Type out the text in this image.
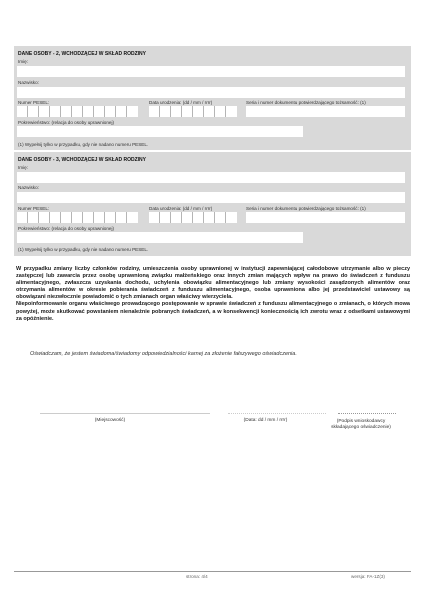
DANE OSOBY - 2, WCHODZĄCEJ W SKŁAD RODZINY
Imię:
Nazwisko:
Numer PESEL:	Data urodzenia: (dd / mm / rrrr)	Seria i numer dokumentu potwierdzającego tożsamość: (1)
Pokrewieństwo: (relacja do osoby uprawnionej)
(1) Wypełnij tylko w przypadku, gdy nie nadano numeru PESEL.
DANE OSOBY - 3, WCHODZĄCEJ W SKŁAD RODZINY
Imię:
Nazwisko:
Numer PESEL:	Data urodzenia: (dd / mm / rrrr)	Seria i numer dokumentu potwierdzającego tożsamość: (1)
Pokrewieństwo: (relacja do osoby uprawnionej)
(1) Wypełnij tylko w przypadku, gdy nie nadano numeru PESEL.
W przypadku zmiany liczby członków rodziny, umieszczenia osoby uprawnionej w instytucji zapewniającej całodobowe utrzymanie albo w pieczy zastępczej lub zawarcia przez osobę uprawnioną związku małżeńskiego oraz innych zmian mających wpływ na prawo do świadczeń z funduszu alimentacyjnego, zwłaszcza uzyskania dochodu, uchylenia obowiązku alimentacyjnego lub zmiany wysokości zasądzonych alimentów oraz otrzymania alimentów w okresie pobierania świadczeń z funduszu alimentacyjnego, osoba uprawniona albo jej przedstawiciel ustawowy są obowiązani niezwłocznie powiadomić o tych zmianach organ właściwy wierzyciela.
Niepoinformowanie organu właściwego prowadzącego postępowanie w sprawie świadczeń z funduszu alimentacyjnego o zmianach, o których mowa powyżej, może skutkować powstaniem nienależnie pobranych świadczeń, a w konsekwencji koniecznością ich zwrotu wraz z odsetkami ustawowymi za opóźnienie.
Oświadczam, że jestem świadoma/świadomy odpowiedzialności karnej za złożenie fałszywego oświadczenia.
(Miejscowość)	(Data: dd / mm / rrrr)	(Podpis wnioskodawcy
składającego oświadczenie)
strona: 4/4	wersja: FA-1Z(3)
